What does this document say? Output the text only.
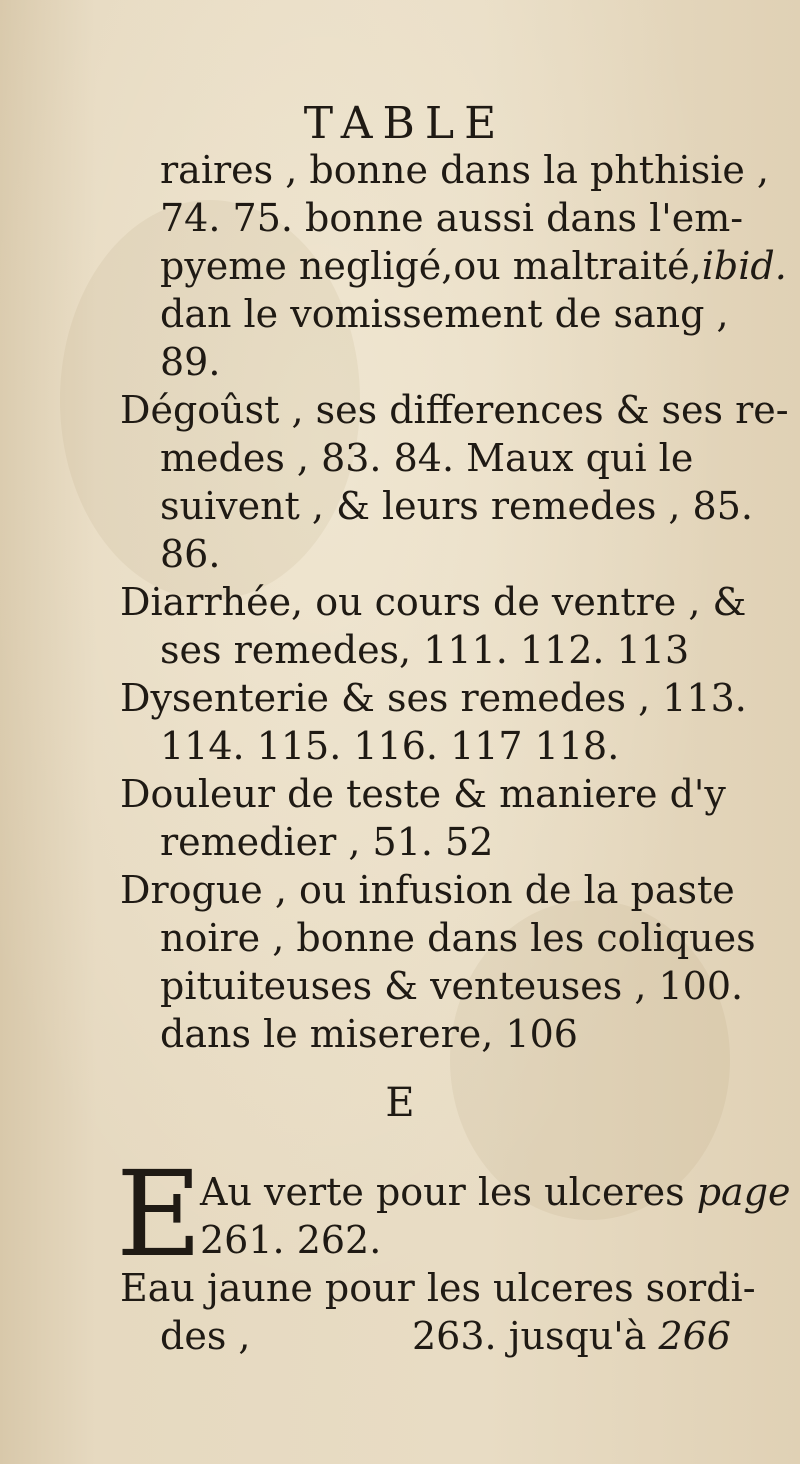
TABLE
raires , bonne dans la phthisie ,
74. 75. bonne aussi dans l'em-
pyeme negligé,ou maltraité,ibid.
dan le vomissement de sang ,
89.
Dégoûst , ses differences & ses re-
medes , 83. 84. Maux qui le
suivent , & leurs remedes , 85.
86.
Diarrhée, ou cours de ventre , &
ses remedes, 111. 112. 113
Dysenterie & ses remedes , 113.
114. 115. 116. 117 118.
Douleur de teste & maniere d'y
remedier , 51. 52
Drogue , ou infusion de la paste
noire , bonne dans les coliques
pituiteuses & venteuses , 100.
dans le miserere, 106
E
E
Au verte pour les ulceres page
261. 262.
Eau jaune pour les ulceres sordi-
des ,	263. jusqu'à 266
